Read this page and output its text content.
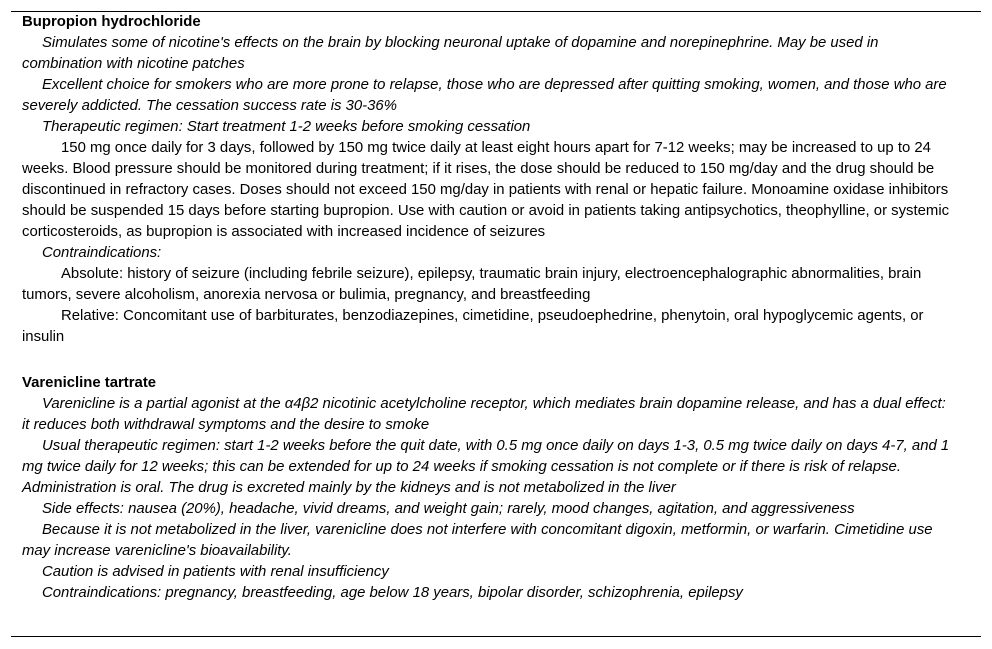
Bupropion hydrochloride

Simulates some of nicotine's effects on the brain by blocking neuronal uptake of dopamine and norepinephrine. May be used in combination with nicotine patches

Excellent choice for smokers who are more prone to relapse, those who are depressed after quitting smoking, women, and those who are severely addicted. The cessation success rate is 30-36%

Therapeutic regimen: Start treatment 1-2 weeks before smoking cessation

150 mg once daily for 3 days, followed by 150 mg twice daily at least eight hours apart for 7-12 weeks; may be increased to up to 24 weeks. Blood pressure should be monitored during treatment; if it rises, the dose should be reduced to 150 mg/day and the drug should be discontinued in refractory cases. Doses should not exceed 150 mg/day in patients with renal or hepatic failure. Monoamine oxidase inhibitors should be suspended 15 days before starting bupropion. Use with caution or avoid in patients taking antipsychotics, theophylline, or systemic corticosteroids, as bupropion is associated with increased incidence of seizures

Contraindications:

Absolute: history of seizure (including febrile seizure), epilepsy, traumatic brain injury, electroencephalographic abnormalities, brain tumors, severe alcoholism, anorexia nervosa or bulimia, pregnancy, and breastfeeding

Relative: Concomitant use of barbiturates, benzodiazepines, cimetidine, pseudoephedrine, phenytoin, oral hypoglycemic agents, or insulin

Varenicline tartrate

Varenicline is a partial agonist at the α4β2 nicotinic acetylcholine receptor, which mediates brain dopamine release, and has a dual effect: it reduces both withdrawal symptoms and the desire to smoke

Usual therapeutic regimen: start 1-2 weeks before the quit date, with 0.5 mg once daily on days 1-3, 0.5 mg twice daily on days 4-7, and 1 mg twice daily for 12 weeks; this can be extended for up to 24 weeks if smoking cessation is not complete or if there is risk of relapse. Administration is oral. The drug is excreted mainly by the kidneys and is not metabolized in the liver

Side effects: nausea (20%), headache, vivid dreams, and weight gain; rarely, mood changes, agitation, and aggressiveness

Because it is not metabolized in the liver, varenicline does not interfere with concomitant digoxin, metformin, or warfarin. Cimetidine use may increase varenicline's bioavailability.

Caution is advised in patients with renal insufficiency

Contraindications: pregnancy, breastfeeding, age below 18 years, bipolar disorder, schizophrenia, epilepsy
